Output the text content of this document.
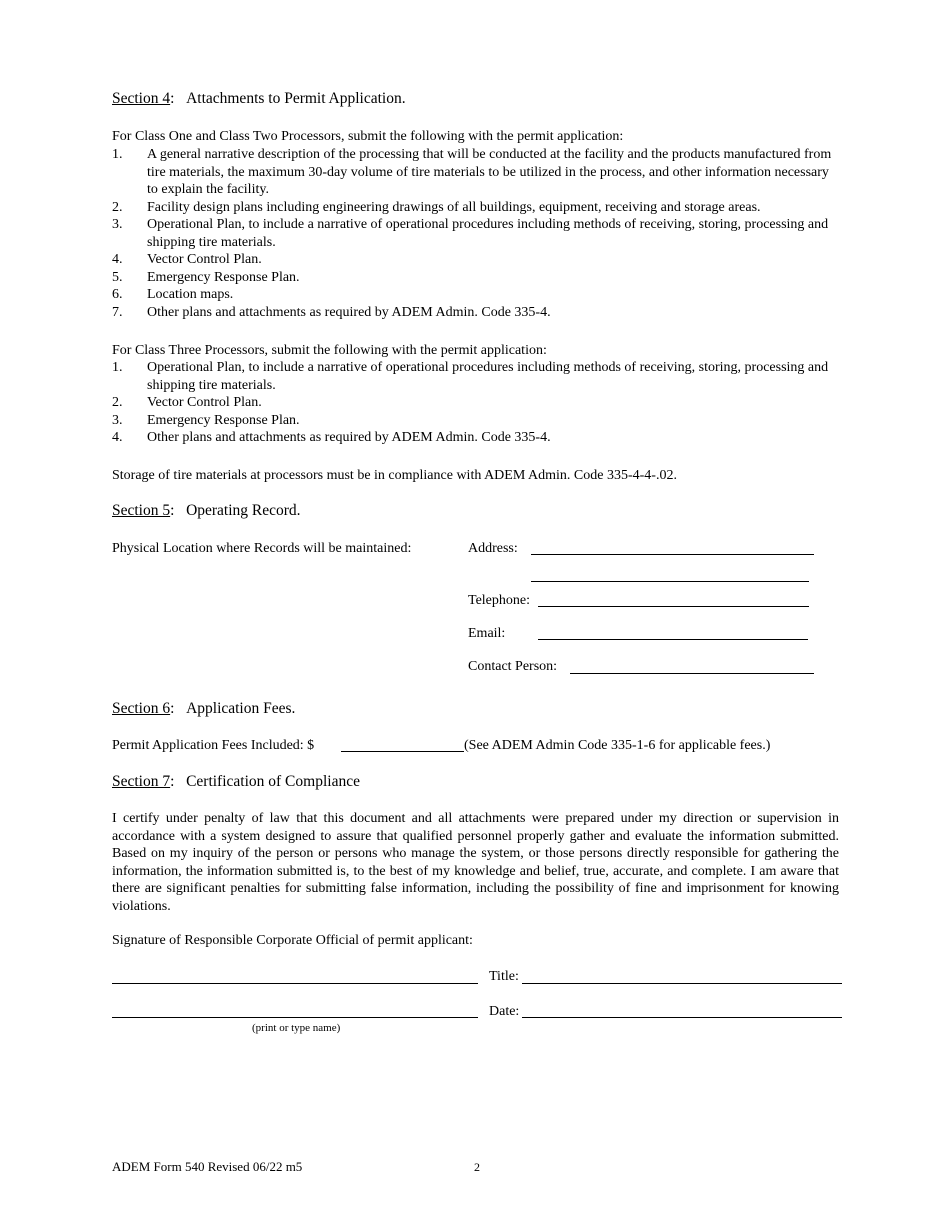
Section 4:   Attachments to Permit Application.
For Class One and Class Two Processors, submit the following with the permit application:
1.	A general narrative description of the processing that will be conducted at the facility and the products manufactured from tire materials, the maximum 30-day volume of tire materials to be utilized in the process, and other information necessary to explain the facility.
2.	Facility design plans including engineering drawings of all buildings, equipment, receiving and storage areas.
3.	Operational Plan, to include a narrative of operational procedures including methods of receiving, storing, processing and shipping tire materials.
4.	Vector Control Plan.
5.	Emergency Response Plan.
6.	Location maps.
7.	Other plans and attachments as required by ADEM Admin. Code 335-4.
For Class Three Processors, submit the following with the permit application:
1.	Operational Plan, to include a narrative of operational procedures including methods of receiving, storing, processing and shipping tire materials.
2.	Vector Control Plan.
3.	Emergency Response Plan.
4.	Other plans and attachments as required by ADEM Admin. Code 335-4.
Storage of tire materials at processors must be in compliance with ADEM Admin. Code 335-4-4-.02.
Section 5:   Operating Record.
Physical Location where Records will be maintained:	Address:
Telephone:
Email:
Contact Person:
Section 6:   Application Fees.
Permit Application Fees Included: $	(See ADEM Admin Code 335-1-6 for applicable fees.)
Section 7:   Certification of Compliance
I certify under penalty of law that this document and all attachments were prepared under my direction or supervision in accordance with a system designed to assure that qualified personnel properly gather and evaluate the information submitted. Based on my inquiry of the person or persons who manage the system, or those persons directly responsible for gathering the information, the information submitted is, to the best of my knowledge and belief, true, accurate, and complete. I am aware that there are significant penalties for submitting false information, including the possibility of fine and imprisonment for knowing violations.
Signature of Responsible Corporate Official of permit applicant:
Title:
Date:
(print or type name)
ADEM Form 540 Revised 06/22 m5	2
